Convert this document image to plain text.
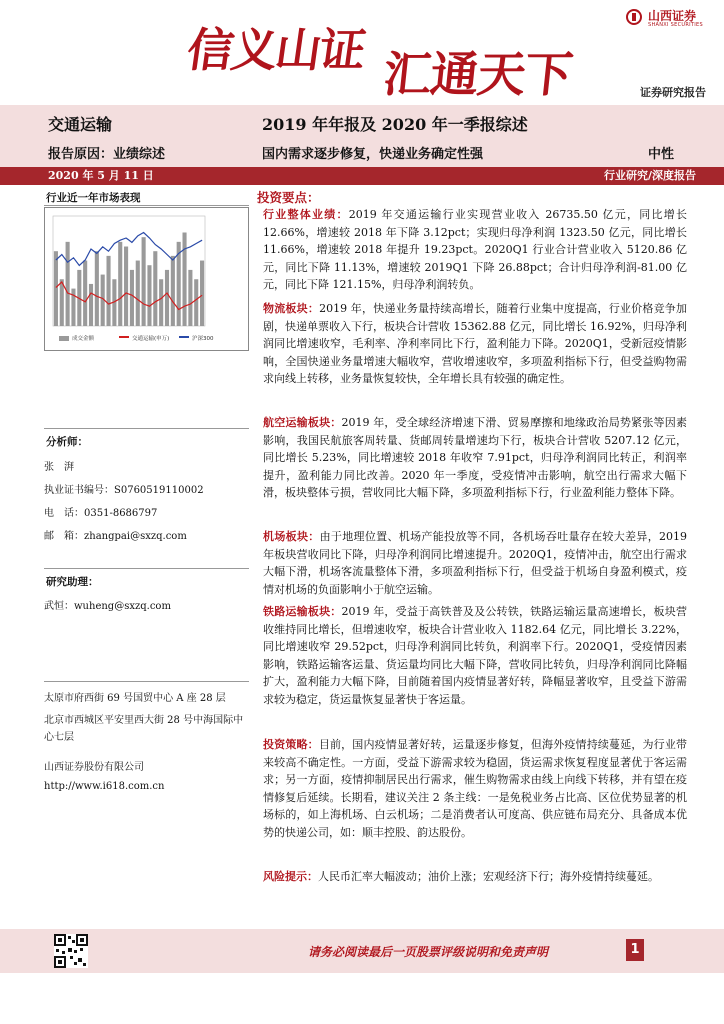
信义山证 汇通天下
山西证券
SHANXI SECURITIES
证券研究报告
交通运输	2019 年年报及 2020 年一季报综述
报告原因：业绩综述	国内需求逐步修复，快递业务确定性强	中性
2020 年 5 月 11 日	行业研究/深度报告
行业近一年市场表现
成交金额	交通运输(申万)	沪深300
分析师：
张　湃
执业证书编号：S0760519110002
电　话：0351-8686797
邮　箱：zhangpai@sxzq.com
研究助理：
武恒：wuheng@sxzq.com
太原市府西街 69 号国贸中心 A 座 28 层
北京市西城区平安里西大街 28 号中海国际中心七层
山西证券股份有限公司
http://www.i618.com.cn
投资要点：
行业整体业绩：2019 年交通运输行业实现营业收入 26735.50 亿元，同比增长 12.66%，增速较 2018 年下降 3.12pct；实现归母净利润 1323.50 亿元，同比增长 11.66%，增速较 2018 年提升 19.23pct。2020Q1 行业合计营业收入 5120.86 亿元，同比下降 11.13%，增速较 2019Q1 下降 26.88pct；合计归母净利润-81.00 亿元，同比下降 121.15%，归母净利润转负。
物流板块：2019 年，快递业务量持续高增长，随着行业集中度提高，行业价格竞争加剧，快递单票收入下行，板块合计营收 15362.88 亿元，同比增长 16.92%，归母净利润同比增速收窄，毛利率、净利率同比下行，盈利能力下降。2020Q1，受新冠疫情影响，全国快递业务量增速大幅收窄，营收增速收窄，多项盈利指标下行，但受益购物需求向线上转移，业务量恢复较快，全年增长具有较强的确定性。
航空运输板块：2019 年，受全球经济增速下滑、贸易摩擦和地缘政治局势紧张等因素影响，我国民航旅客周转量、货邮周转量增速均下行，板块合计营收 5207.12 亿元，同比增长 5.23%，同比增速较 2018 年收窄 7.91pct，归母净利润同比转正，利润率提升，盈利能力同比改善。2020 年一季度，受疫情冲击影响，航空出行需求大幅下滑，板块整体亏损，营收同比大幅下降，多项盈利指标下行，行业盈利能力整体下降。
机场板块：由于地理位置、机场产能投放等不同，各机场吞吐量存在较大差异，2019 年板块营收同比下降，归母净利润同比增速提升。2020Q1，疫情冲击，航空出行需求大幅下滑，机场客流量整体下滑，多项盈利指标下行，但受益于机场自身盈利模式，疫情对机场的负面影响小于航空运输。
铁路运输板块：2019 年，受益于高铁普及及公转铁，铁路运输运量高速增长，板块营收维持同比增长，但增速收窄，板块合计营业收入 1182.64 亿元，同比增长 3.22%，同比增速收窄 29.52pct，归母净利润同比转负，利润率下行。2020Q1，受疫情因素影响，铁路运输客运量、货运量均同比大幅下降，营收同比转负，归母净利润同比降幅扩大，盈利能力大幅下降，目前随着国内疫情显著好转，降幅显著收窄，且受益下游需求较为稳定，货运量恢复显著快于客运量。
投资策略：目前，国内疫情显著好转，运量逐步修复，但海外疫情持续蔓延，为行业带来较高不确定性。一方面，受益下游需求较为稳固，货运需求恢复程度显著优于客运需求；另一方面，疫情抑制居民出行需求，催生购物需求由线上向线下转移，并有望在疫情修复后延续。长期看，建议关注 2 条主线：一是免税业务占比高、区位优势显著的机场标的，如上海机场、白云机场；二是消费者认可度高、供应链布局充分、具备成本优势的快递公司，如：顺丰控股、韵达股份。
风险提示：人民币汇率大幅波动；油价上涨；宏观经济下行；海外疫情持续蔓延。
请务必阅读最后一页股票评级说明和免责声明	1
